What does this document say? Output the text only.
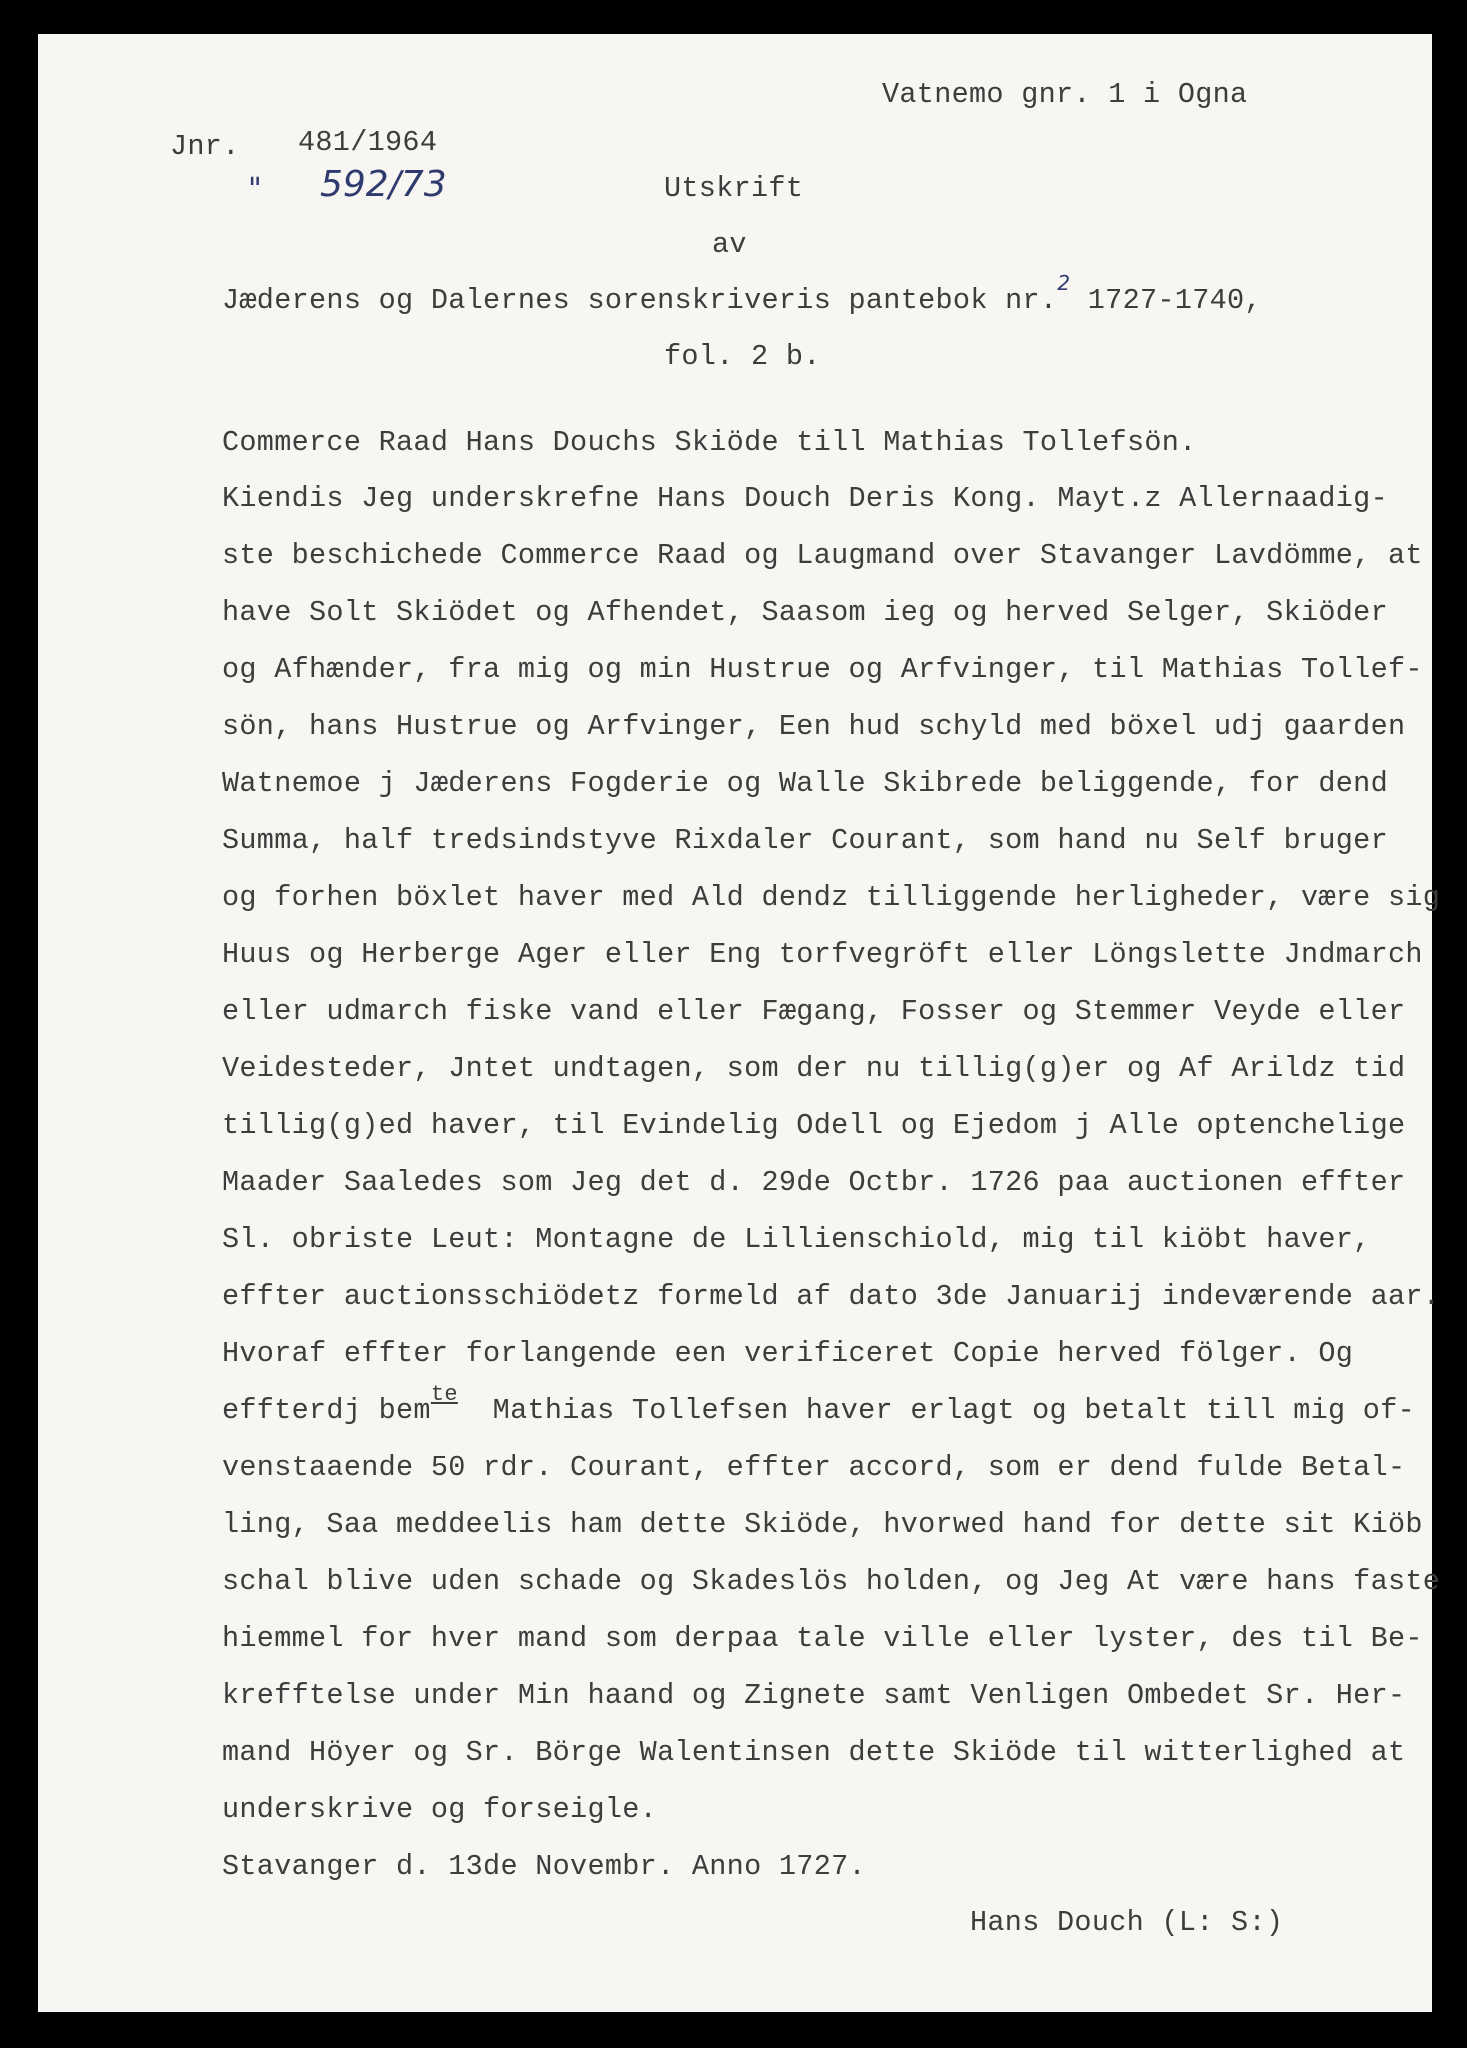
Vatnemo gnr. 1 i Ogna
Jnr. 481/1964
" 592/73	Utskrift
av
Jæderens og Dalernes sorenskriveris pantebok nr.$^2$ 1727-1740,
fol. 2 b.
Commerce Raad Hans Douchs Skiöde till Mathias Tollefsön.
Kiendis Jeg underskrefne Hans Douch Deris Kong. Mayt.z Allernaadig-
ste beschichede Commerce Raad og Laugmand over Stavanger Lavdömme, at
have Solt Skiödet og Afhendet, Saasom ieg og herved Selger, Skiöder
og Afhænder, fra mig og min Hustrue og Arfvinger, til Mathias Tollef-
sön, hans Hustrue og Arfvinger, Een hud schyld med böxel udj gaarden
Watnemoe j Jæderens Fogderie og Walle Skibrede beliggende, for dend
Summa, half tredsindstyve Rixdaler Courant, som hand nu Self bruger
og forhen böxlet haver med Ald dendz tilliggende herligheder, være sig
Huus og Herberge Ager eller Eng torfvegröft eller Löngslette Jndmarch
eller udmarch fiske vand eller Fægang, Fosser og Stemmer Veyde eller
Veidesteder, Jntet undtagen, som der nu tillig(g)er og Af Arildz tid
tillig(g)ed haver, til Evindelig Odell og Ejedom j Alle optenchelige
Maader Saaledes som Jeg det d. 29de Octbr. 1726 paa auctionen effter
Sl. obriste Leut: Montagne de Lillienschiold, mig til kiöbt haver,
effter auctionsschiödetz formeld af dato 3de Januarij indeværende aar.
Hvoraf effter forlangende een verificeret Copie herved fölger. Og
effterdj bem$^{te}$  Mathias Tollefsen haver erlagt og betalt till mig of-
venstaaende 50 rdr. Courant, effter accord, som er dend fulde Betal-
ling, Saa meddeelis ham dette Skiöde, hvorwed hand for dette sit Kiöb
schal blive uden schade og Skadeslös holden, og Jeg At være hans faste
hiemmel for hver mand som derpaa tale ville eller lyster, des til Be-
krefftelse under Min haand og Zignete samt Venligen Ombedet Sr. Her-
mand Höyer og Sr. Börge Walentinsen dette Skiöde til witterlighed at
underskrive og forseigle.
Stavanger d. 13de Novembr. Anno 1727.
Hans Douch (L: S:)
